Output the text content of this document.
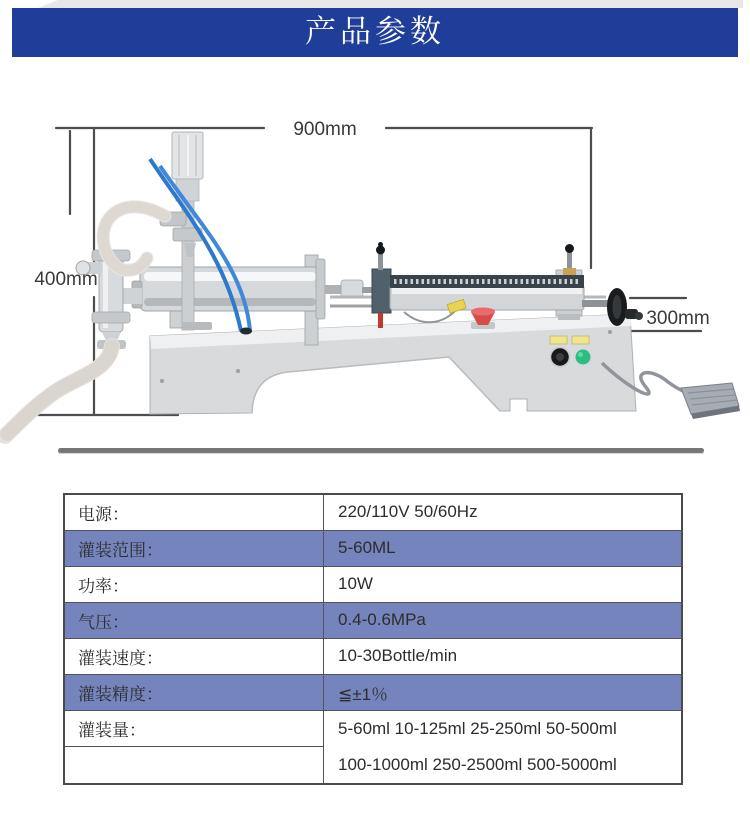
产品参数
900mm
400mm
300mm
电源：	220/110V 50/60Hz
灌装范围：	5-60ML
功率：	10W
气压：	0.4-0.6MPa
灌装速度：	10-30Bottle/min
灌装精度：	≦±1％
灌装量：	5-60ml 10-125ml 25-250ml 50-500ml
100-1000ml 250-2500ml 500-5000ml
